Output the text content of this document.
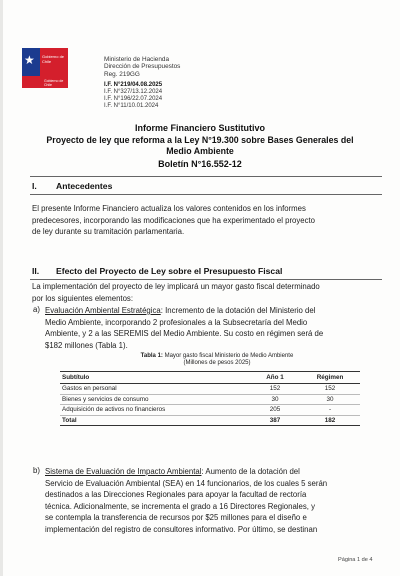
★ Gobierno de Chile
Gobierno de Chile
Ministerio de Hacienda
Dirección de Presupuestos
Reg. 219GG
I.F. N°219/04.08.2025
I.F. N°327/13.12.2024
I.F. N°196/22.07.2024
I.F. N°11/10.01.2024
Informe Financiero Sustitutivo
Proyecto de ley que reforma a la Ley N°19.300 sobre Bases Generales del
Medio Ambiente
Boletín N°16.552-12
I. Antecedentes
El presente Informe Financiero actualiza los valores contenidos en los informes
predecesores, incorporando las modificaciones que ha experimentado el proyecto
de ley durante su tramitación parlamentaria.
II. Efecto del Proyecto de Ley sobre el Presupuesto Fiscal
La implementación del proyecto de ley implicará un mayor gasto fiscal determinado
por los siguientes elementos:
a) Evaluación Ambiental Estratégica: Incremento de la dotación del Ministerio del
Medio Ambiente, incorporando 2 profesionales a la Subsecretaría del Medio
Ambiente, y 2 a las SEREMIS del Medio Ambiente. Su costo en régimen será de
$182 millones (Tabla 1).
Tabla 1: Mayor gasto fiscal Ministerio de Medio Ambiente
(Millones de pesos 2025)
Subtítulo	Año 1	Régimen
Gastos en personal	152	152
Bienes y servicios de consumo	30	30
Adquisición de activos no financieros	205	-
Total	387	182
b) Sistema de Evaluación de Impacto Ambiental: Aumento de la dotación del
Servicio de Evaluación Ambiental (SEA) en 14 funcionarios, de los cuales 5 serán
destinados a las Direcciones Regionales para apoyar la facultad de rectoría
técnica. Adicionalmente, se incrementa el grado a 16 Directores Regionales, y
se contempla la transferencia de recursos por $25 millones para el diseño e
implementación del registro de consultores informativo. Por último, se destinan
Página 1 de 4
